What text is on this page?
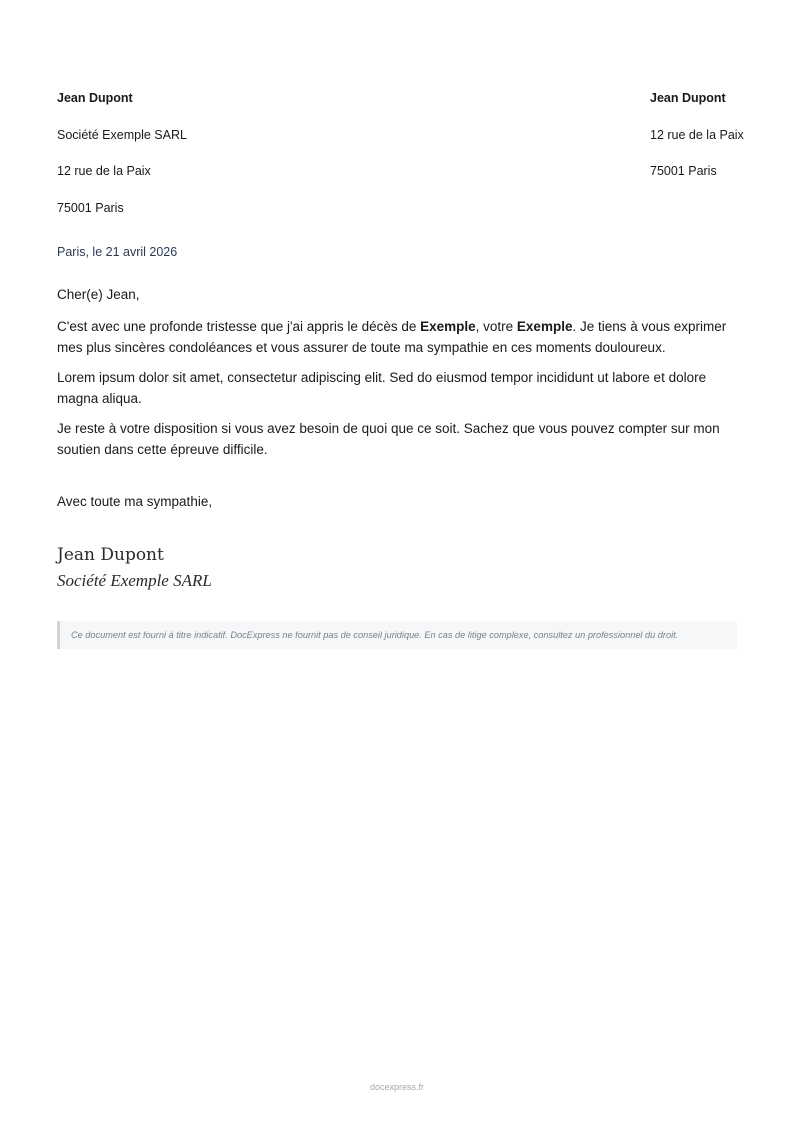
Jean Dupont
Société Exemple SARL
12 rue de la Paix
75001 Paris
Jean Dupont
12 rue de la Paix
75001 Paris
Paris, le 21 avril 2026
Cher(e) Jean,
C'est avec une profonde tristesse que j'ai appris le décès de Exemple, votre Exemple. Je tiens à vous exprimer mes plus sincères condoléances et vous assurer de toute ma sympathie en ces moments douloureux.
Lorem ipsum dolor sit amet, consectetur adipiscing elit. Sed do eiusmod tempor incididunt ut labore et dolore magna aliqua.
Je reste à votre disposition si vous avez besoin de quoi que ce soit. Sachez que vous pouvez compter sur mon soutien dans cette épreuve difficile.
Avec toute ma sympathie,
Jean Dupont
Société Exemple SARL
Ce document est fourni à titre indicatif. DocExpress ne fournit pas de conseil juridique. En cas de litige complexe, consultez un professionnel du droit.
docexpress.fr
